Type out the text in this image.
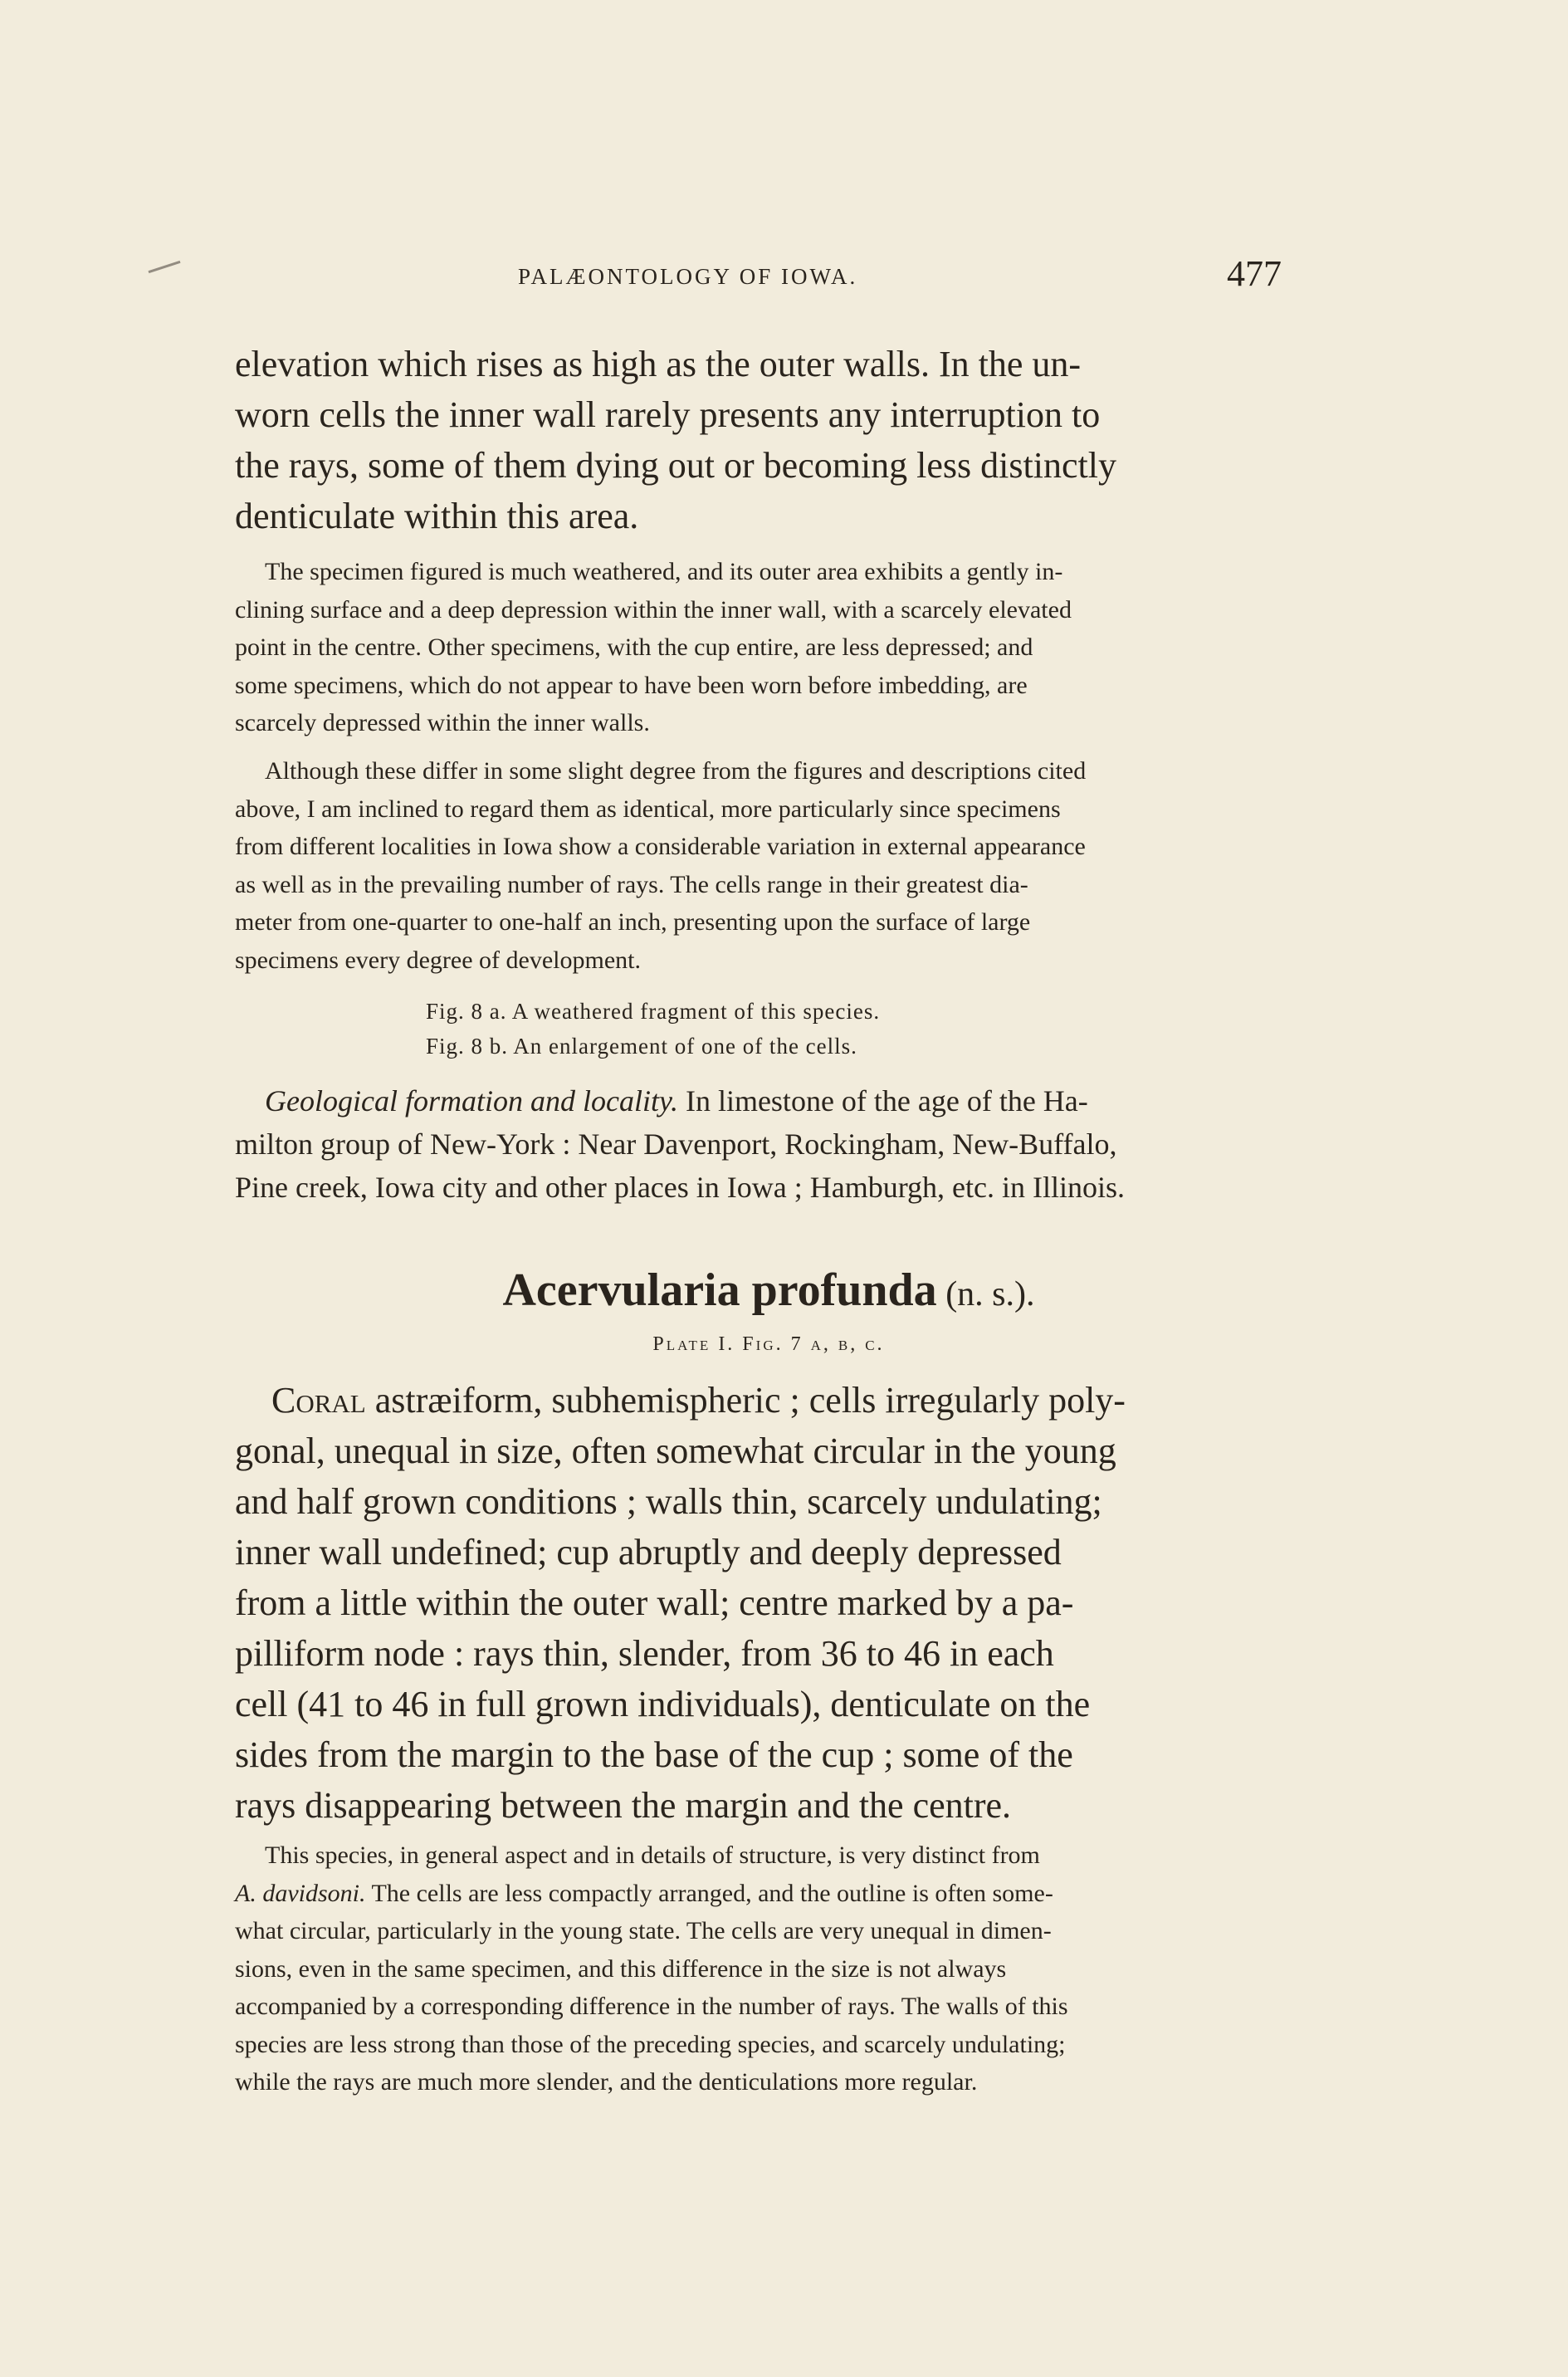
PALÆONTOLOGY OF IOWA.	477

elevation which rises as high as the outer walls. In the un-

worn cells the inner wall rarely presents any interruption to

the rays, some of them dying out or becoming less distinctly

denticulate within this area.

The specimen figured is much weathered, and its outer area exhibits a gently in-

clining surface and a deep depression within the inner wall, with a scarcely elevated

point in the centre. Other specimens, with the cup entire, are less depressed; and

some specimens, which do not appear to have been worn before imbedding, are

scarcely depressed within the inner walls.

Although these differ in some slight degree from the figures and descriptions cited

above, I am inclined to regard them as identical, more particularly since specimens

from different localities in Iowa show a considerable variation in external appearance

as well as in the prevailing number of rays. The cells range in their greatest dia-

meter from one-quarter to one-half an inch, presenting upon the surface of large

specimens every degree of development.

Fig. 8 a. A weathered fragment of this species.

Fig. 8 b. An enlargement of one of the cells.

Geological formation and locality. In limestone of the age of the Ha-

milton group of New-York : Near Davenport, Rockingham, New-Buffalo,

Pine creek, Iowa city and other places in Iowa ; Hamburgh, etc. in Illinois.

Acervularia profunda (n. s.).

Plate I. Fig. 7 a, b, c.

Coral astræiform, subhemispheric ; cells irregularly poly-

gonal, unequal in size, often somewhat circular in the young

and half grown conditions ; walls thin, scarcely undulating;

inner wall undefined; cup abruptly and deeply depressed

from a little within the outer wall; centre marked by a pa-

pilliform node : rays thin, slender, from 36 to 46 in each

cell (41 to 46 in full grown individuals), denticulate on the

sides from the margin to the base of the cup ; some of the

rays disappearing between the margin and the centre.

This species, in general aspect and in details of structure, is very distinct from

A. davidsoni. The cells are less compactly arranged, and the outline is often some-

what circular, particularly in the young state. The cells are very unequal in dimen-

sions, even in the same specimen, and this difference in the size is not always

accompanied by a corresponding difference in the number of rays. The walls of this

species are less strong than those of the preceding species, and scarcely undulating;

while the rays are much more slender, and the denticulations more regular.
